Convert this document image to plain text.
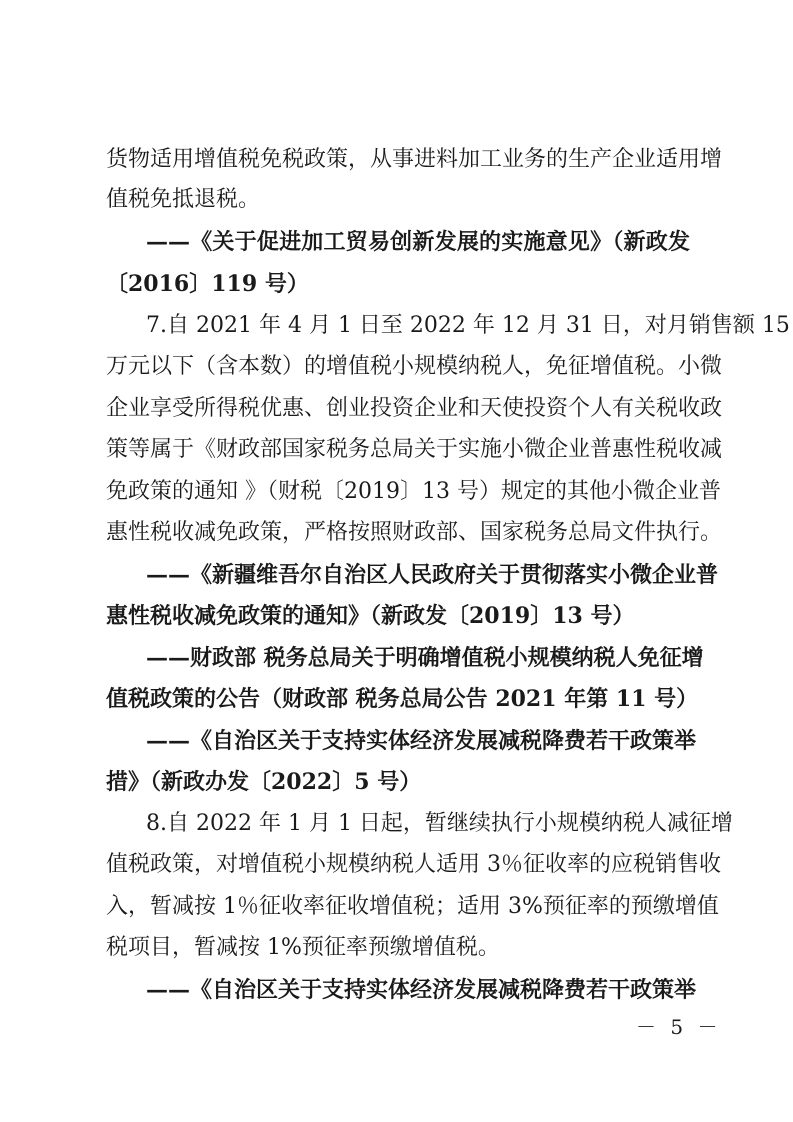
货物适用增值税免税政策，从事进料加工业务的生产企业适用增
值税免抵退税。
——《关于促进加工贸易创新发展的实施意见》（新政发
〔2016〕119 号）
7.自 2021 年 4 月 1 日至 2022 年 12 月 31 日，对月销售额 15
万元以下（含本数）的增值税小规模纳税人，免征增值税。小微
企业享受所得税优惠、创业投资企业和天使投资个人有关税收政
策等属于《财政部国家税务总局关于实施小微企业普惠性税收减
免政策的通知 》（财税〔2019〕13 号）规定的其他小微企业普
惠性税收减免政策，严格按照财政部、国家税务总局文件执行。
——《新疆维吾尔自治区人民政府关于贯彻落实小微企业普
惠性税收减免政策的通知》（新政发〔2019〕13 号）
——财政部 税务总局关于明确增值税小规模纳税人免征增
值税政策的公告（财政部 税务总局公告 2021 年第 11 号）
——《自治区关于支持实体经济发展减税降费若干政策举
措》（新政办发〔2022〕5 号）
8.自 2022 年 1 月 1 日起，暂继续执行小规模纳税人减征增
值税政策，对增值税小规模纳税人适用 3％征收率的应税销售收
入，暂减按 1％征收率征收增值税；适用 3%预征率的预缴增值
税项目，暂减按 1%预征率预缴增值税。
——《自治区关于支持实体经济发展减税降费若干政策举
－ 5 －
